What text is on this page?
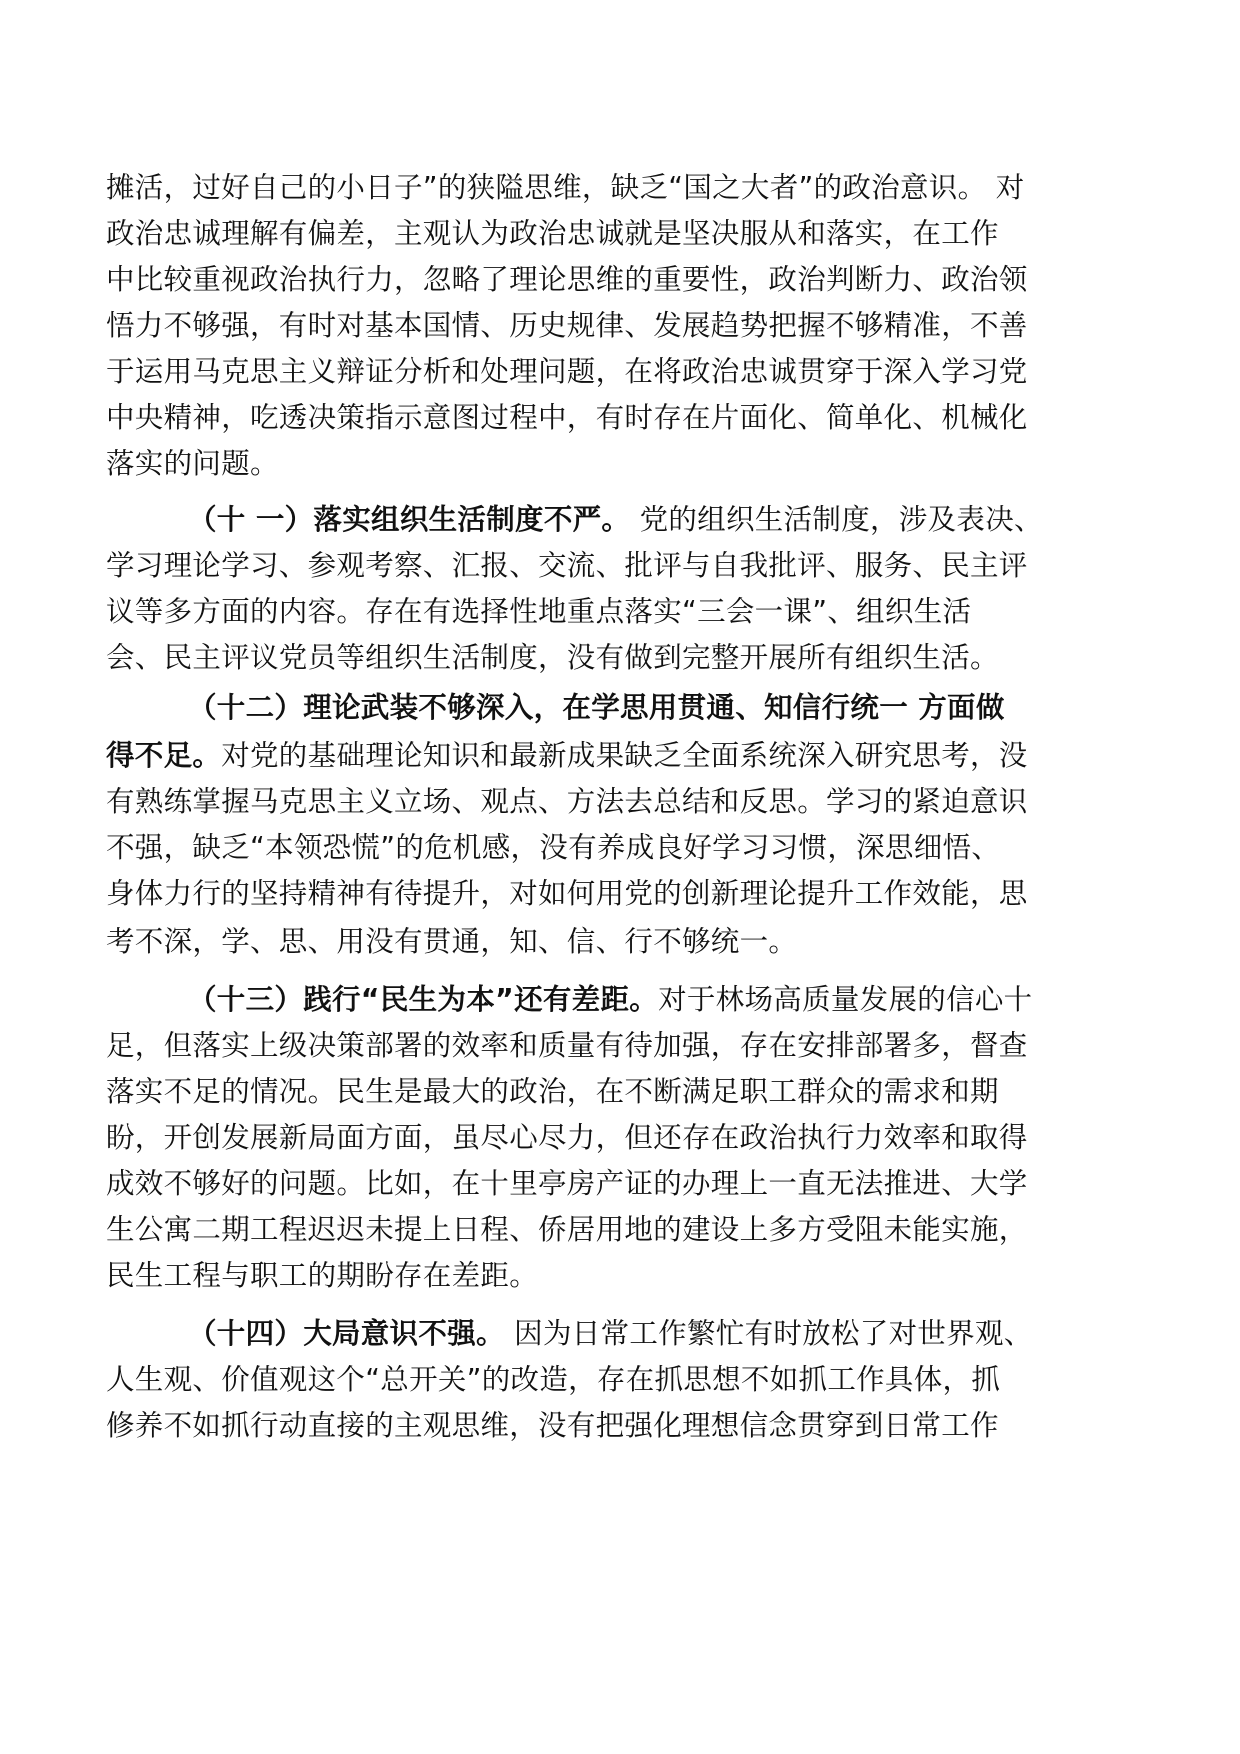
摊活，过好自己的小日子”的狭隘思维，缺乏“国之大者”的政治意识。 对
政治忠诚理解有偏差，主观认为政治忠诚就是坚决服从和落实，在工作
中比较重视政治执行力，忽略了理论思维的重要性，政治判断力、政治领
悟力不够强，有时对基本国情、历史规律、发展趋势把握不够精准，不善
于运用马克思主义辩证分析和处理问题，在将政治忠诚贯穿于深入学习党
中央精神，吃透决策指示意图过程中，有时存在片面化、简单化、机械化
落实的问题。
（十 一）落实组织生活制度不严。 党的组织生活制度，涉及表决、
学习理论学习、参观考察、汇报、交流、批评与自我批评、服务、民主评
议等多方面的内容。存在有选择性地重点落实“三会一课”、组织生活
会、民主评议党员等组织生活制度，没有做到完整开展所有组织生活。
（十二）理论武装不够深入，在学思用贯通、知信行统一 方面做
得不足。对党的基础理论知识和最新成果缺乏全面系统深入研究思考，没
有熟练掌握马克思主义立场、观点、方法去总结和反思。学习的紧迫意识
不强，缺乏“本领恐慌”的危机感，没有养成良好学习习惯，深思细悟、
身体力行的坚持精神有待提升，对如何用党的创新理论提升工作效能，思
考不深，学、思、用没有贯通，知、信、行不够统一。
（十三）践行“民生为本”还有差距。对于林场高质量发展的信心十
足，但落实上级决策部署的效率和质量有待加强，存在安排部署多，督查
落实不足的情况。民生是最大的政治，在不断满足职工群众的需求和期
盼，开创发展新局面方面，虽尽心尽力，但还存在政治执行力效率和取得
成效不够好的问题。比如，在十里亭房产证的办理上一直无法推进、大学
生公寓二期工程迟迟未提上日程、侨居用地的建设上多方受阻未能实施，
民生工程与职工的期盼存在差距。
（十四）大局意识不强。 因为日常工作繁忙有时放松了对世界观、
人生观、价值观这个“总开关”的改造，存在抓思想不如抓工作具体，抓
修养不如抓行动直接的主观思维，没有把强化理想信念贯穿到日常工作
